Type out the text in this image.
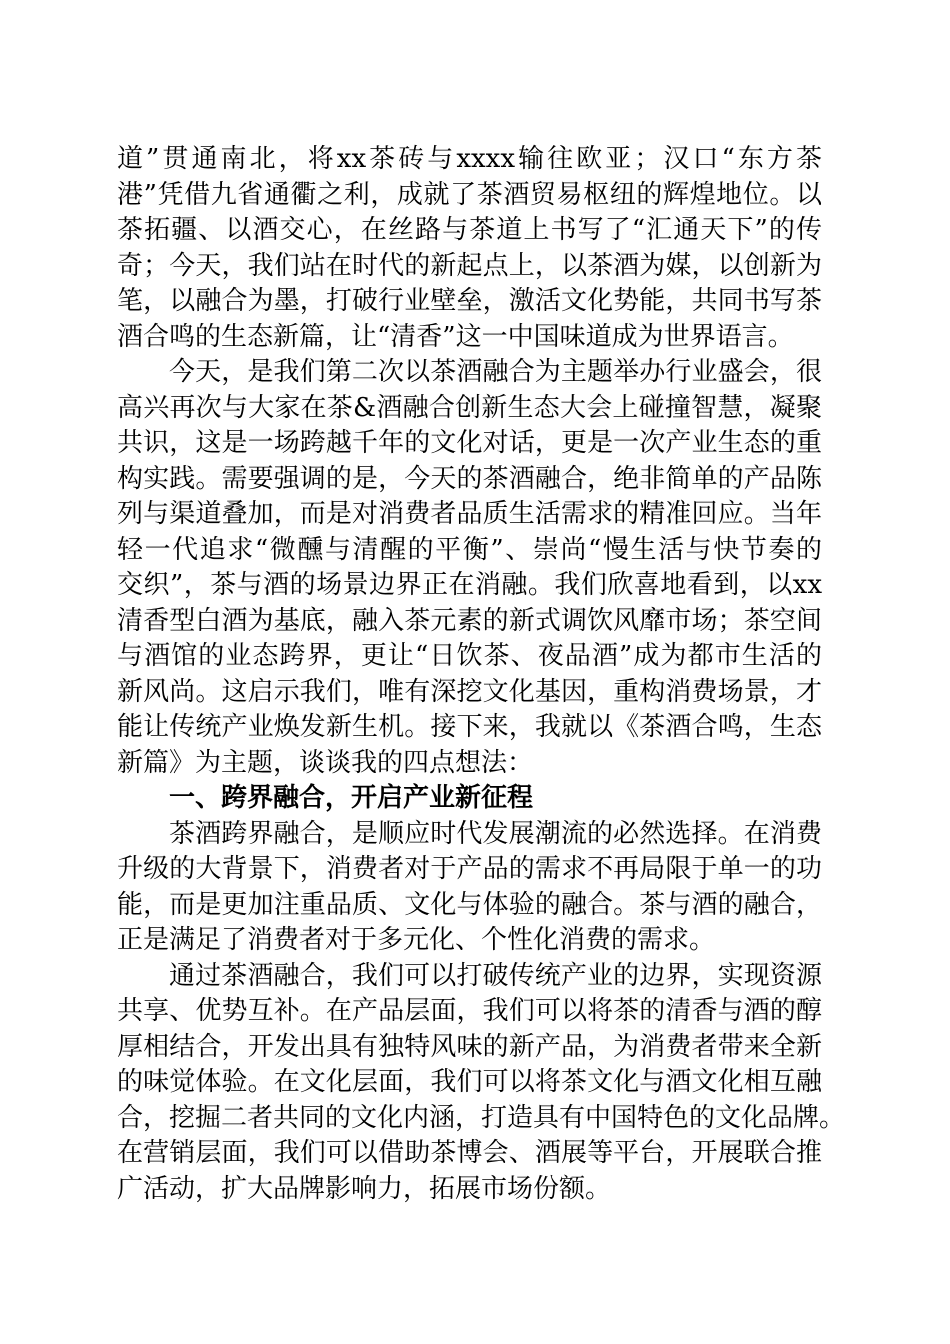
道”贯通南北，将xx茶砖与xxxx输往欧亚；汉口“东方茶
港”凭借九省通衢之利，成就了茶酒贸易枢纽的辉煌地位。以
茶拓疆、以酒交心，在丝路与茶道上书写了“汇通天下”的传
奇；今天，我们站在时代的新起点上，以茶酒为媒，以创新为
笔，以融合为墨，打破行业壁垒，激活文化势能，共同书写茶
酒合鸣的生态新篇，让“清香”这一中国味道成为世界语言。

今天，是我们第二次以茶酒融合为主题举办行业盛会，很
高兴再次与大家在茶&酒融合创新生态大会上碰撞智慧，凝聚
共识，这是一场跨越千年的文化对话，更是一次产业生态的重
构实践。需要强调的是，今天的茶酒融合，绝非简单的产品陈
列与渠道叠加，而是对消费者品质生活需求的精准回应。当年
轻一代追求“微醺与清醒的平衡”、崇尚“慢生活与快节奏的
交织”，茶与酒的场景边界正在消融。我们欣喜地看到，以xx
清香型白酒为基底，融入茶元素的新式调饮风靡市场；茶空间
与酒馆的业态跨界，更让“日饮茶、夜品酒”成为都市生活的
新风尚。这启示我们，唯有深挖文化基因，重构消费场景，才
能让传统产业焕发新生机。接下来，我就以《茶酒合鸣，生态
新篇》为主题，谈谈我的四点想法：

一、跨界融合，开启产业新征程

茶酒跨界融合，是顺应时代发展潮流的必然选择。在消费
升级的大背景下，消费者对于产品的需求不再局限于单一的功
能，而是更加注重品质、文化与体验的融合。茶与酒的融合，
正是满足了消费者对于多元化、个性化消费的需求。

通过茶酒融合，我们可以打破传统产业的边界，实现资源
共享、优势互补。在产品层面，我们可以将茶的清香与酒的醇
厚相结合，开发出具有独特风味的新产品，为消费者带来全新
的味觉体验。在文化层面，我们可以将茶文化与酒文化相互融
合，挖掘二者共同的文化内涵，打造具有中国特色的文化品牌。
在营销层面，我们可以借助茶博会、酒展等平台，开展联合推
广活动，扩大品牌影响力，拓展市场份额。
